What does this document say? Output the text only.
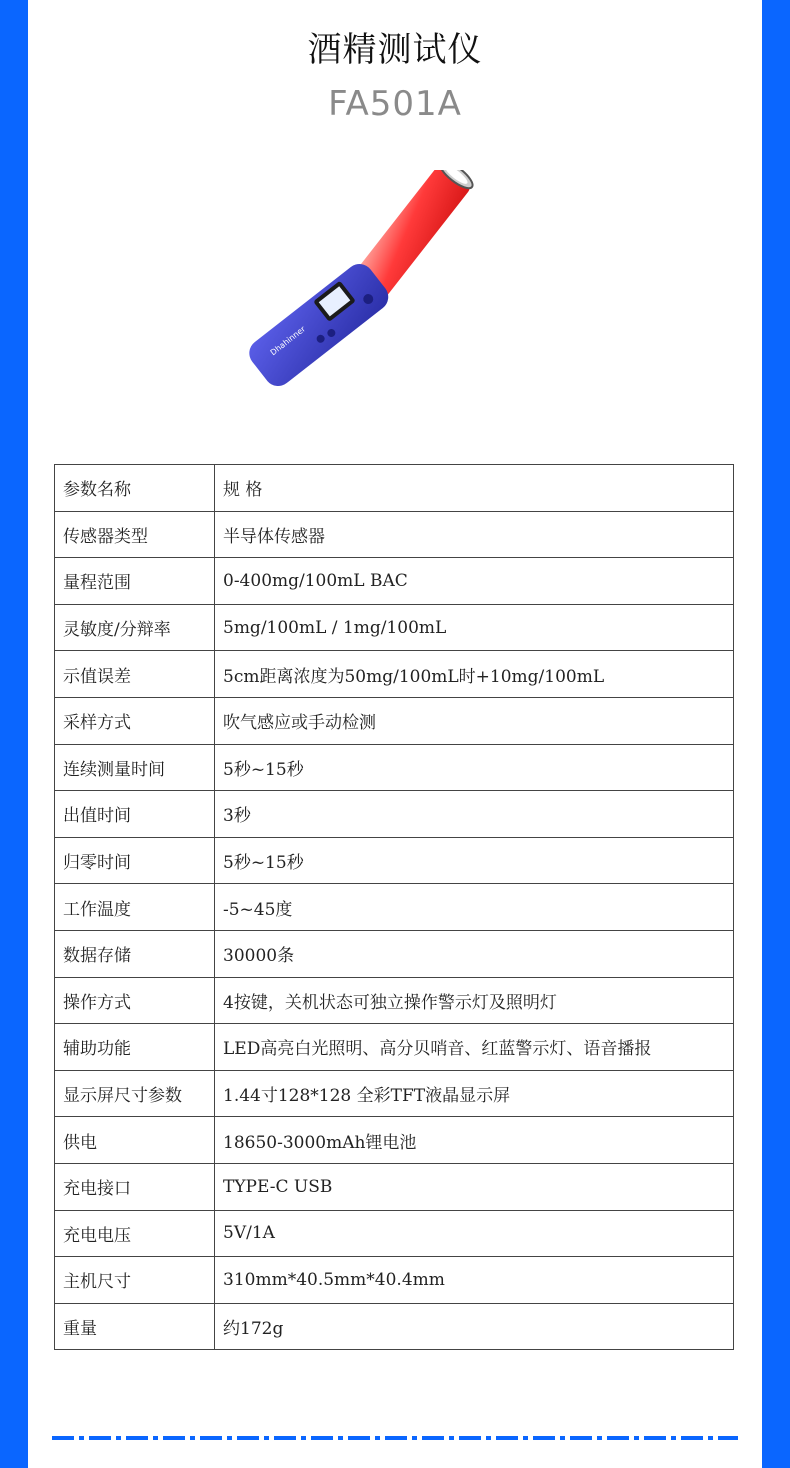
酒精测试仪
FA501A
Dhahinner
参数名称	规 格
传感器类型	半导体传感器
量程范围	0-400mg/100mL BAC
灵敏度/分辩率	5mg/100mL / 1mg/100mL
示值误差	5cm距离浓度为50mg/100mL时+10mg/100mL
采样方式	吹气感应或手动检测
连续测量时间	5秒~15秒
出值时间	3秒
归零时间	5秒~15秒
工作温度	-5~45度
数据存储	30000条
操作方式	4按键，关机状态可独立操作警示灯及照明灯
辅助功能	LED高亮白光照明、高分贝哨音、红蓝警示灯、语音播报
显示屏尺寸参数	1.44寸128*128 全彩TFT液晶显示屏
供电	18650-3000mAh锂电池
充电接口	TYPE-C USB
充电电压	5V/1A
主机尺寸	310mm*40.5mm*40.4mm
重量	约172g
